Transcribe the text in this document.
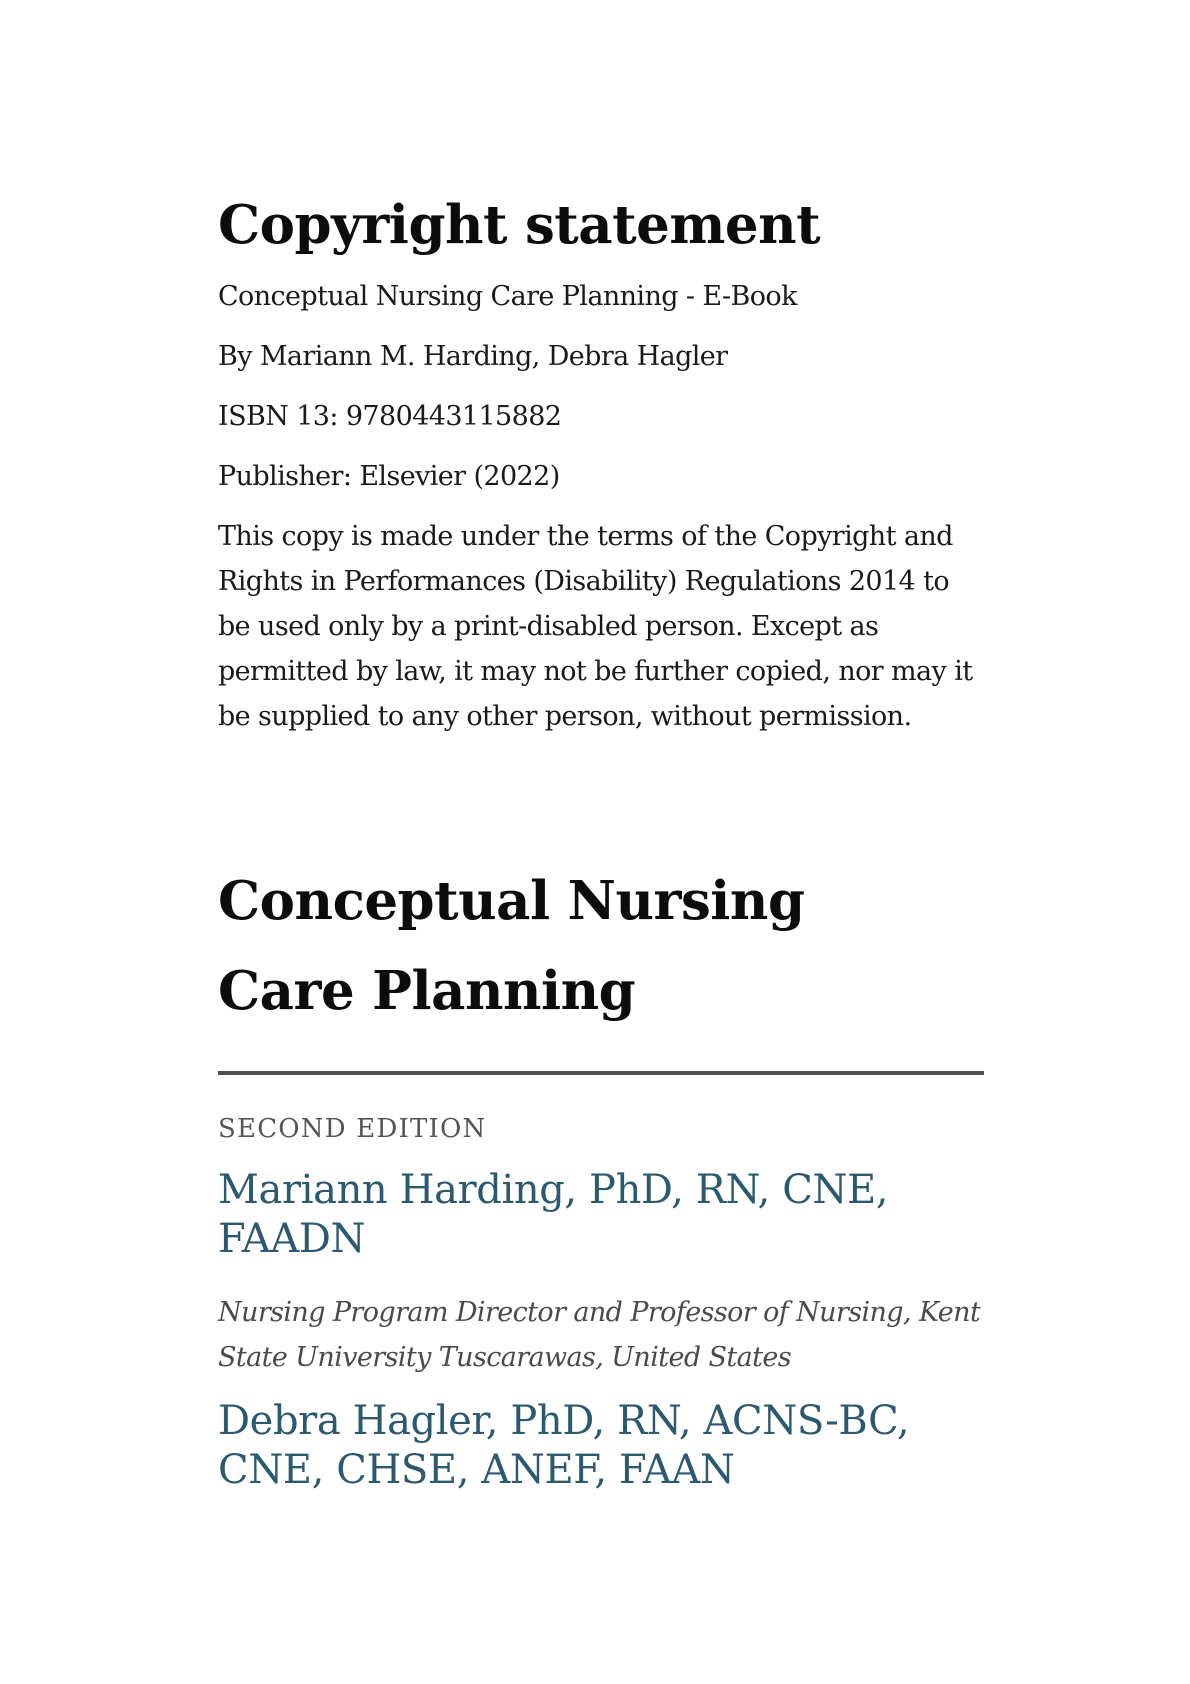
Copyright statement

Conceptual Nursing Care Planning - E-Book

By Mariann M. Harding, Debra Hagler

ISBN 13: 9780443115882

Publisher: Elsevier (2022)

This copy is made under the terms of the Copyright and Rights in Performances (Disability) Regulations 2014 to be used only by a print-disabled person. Except as permitted by law, it may not be further copied, nor may it be supplied to any other person, without permission.

Conceptual Nursing
Care Planning

SECOND EDITION

Mariann Harding, PhD, RN, CNE, FAADN

Nursing Program Director and Professor of Nursing, Kent State University Tuscarawas, United States

Debra Hagler, PhD, RN, ACNS-BC, CNE, CHSE, ANEF, FAAN
